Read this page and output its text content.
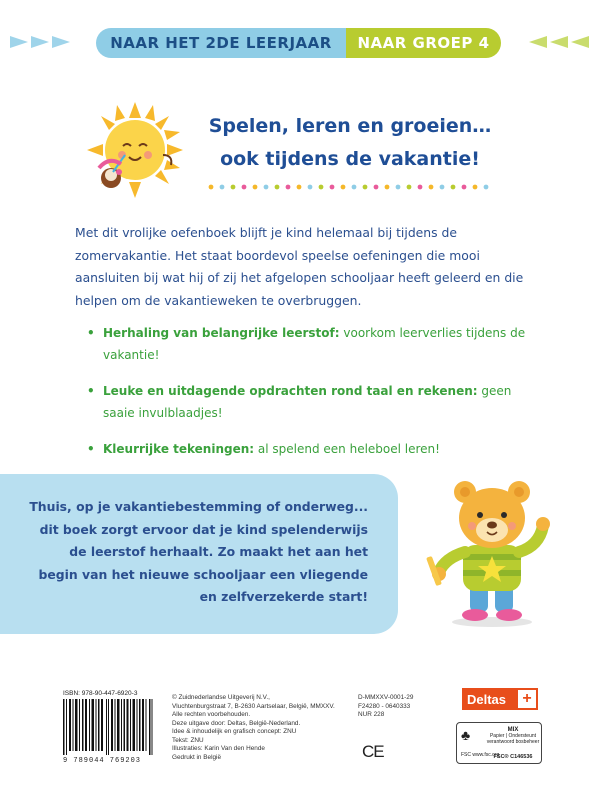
NAAR HET 2DE LEERJAAR	NAAR GROEP 4
Spelen, leren en groeien…
ook tijdens de vakantie!

Met dit vrolijke oefenboek blijft je kind helemaal bij tijdens de zomervakantie. Het staat boordevol speelse oefeningen die mooi aansluiten bij wat hij of zij het afgelopen schooljaar heeft geleerd en die helpen om de vakantieweken te overbruggen.

• Herhaling van belangrijke leerstof: voorkom leerverlies tijdens de vakantie!
• Leuke en uitdagende opdrachten rond taal en rekenen: geen saaie invulblaadjes!
• Kleurrijke tekeningen: al spelend een heleboel leren!

Thuis, op je vakantiebestemming of onderweg... dit boek zorgt ervoor dat je kind spelenderwijs de leerstof herhaalt. Zo maakt het aan het begin van het nieuwe schooljaar een vliegende en zelfverzekerde start!

ISBN: 978-90-447-6920-3
9 789044 769203
© Zuidnederlandse Uitgeverij N.V.,
Vluchtenburgstraat 7, B-2630 Aartselaar, België, MMXXV.
Alle rechten voorbehouden.
Deze uitgave door: Deltas, België-Nederland.
Idee & inhoudelijk en grafisch concept: ZNU
Tekst: ZNU
Illustraties: Karin Van den Hende
Gedrukt in België
D-MMXXV-0001-29
F24280 - 0640333
NUR 228
CE
Deltas +
♣
FSC www.fsc.org
MIX
Papier | Ondersteunt verantwoord bosbeheer
FSC® C146536
